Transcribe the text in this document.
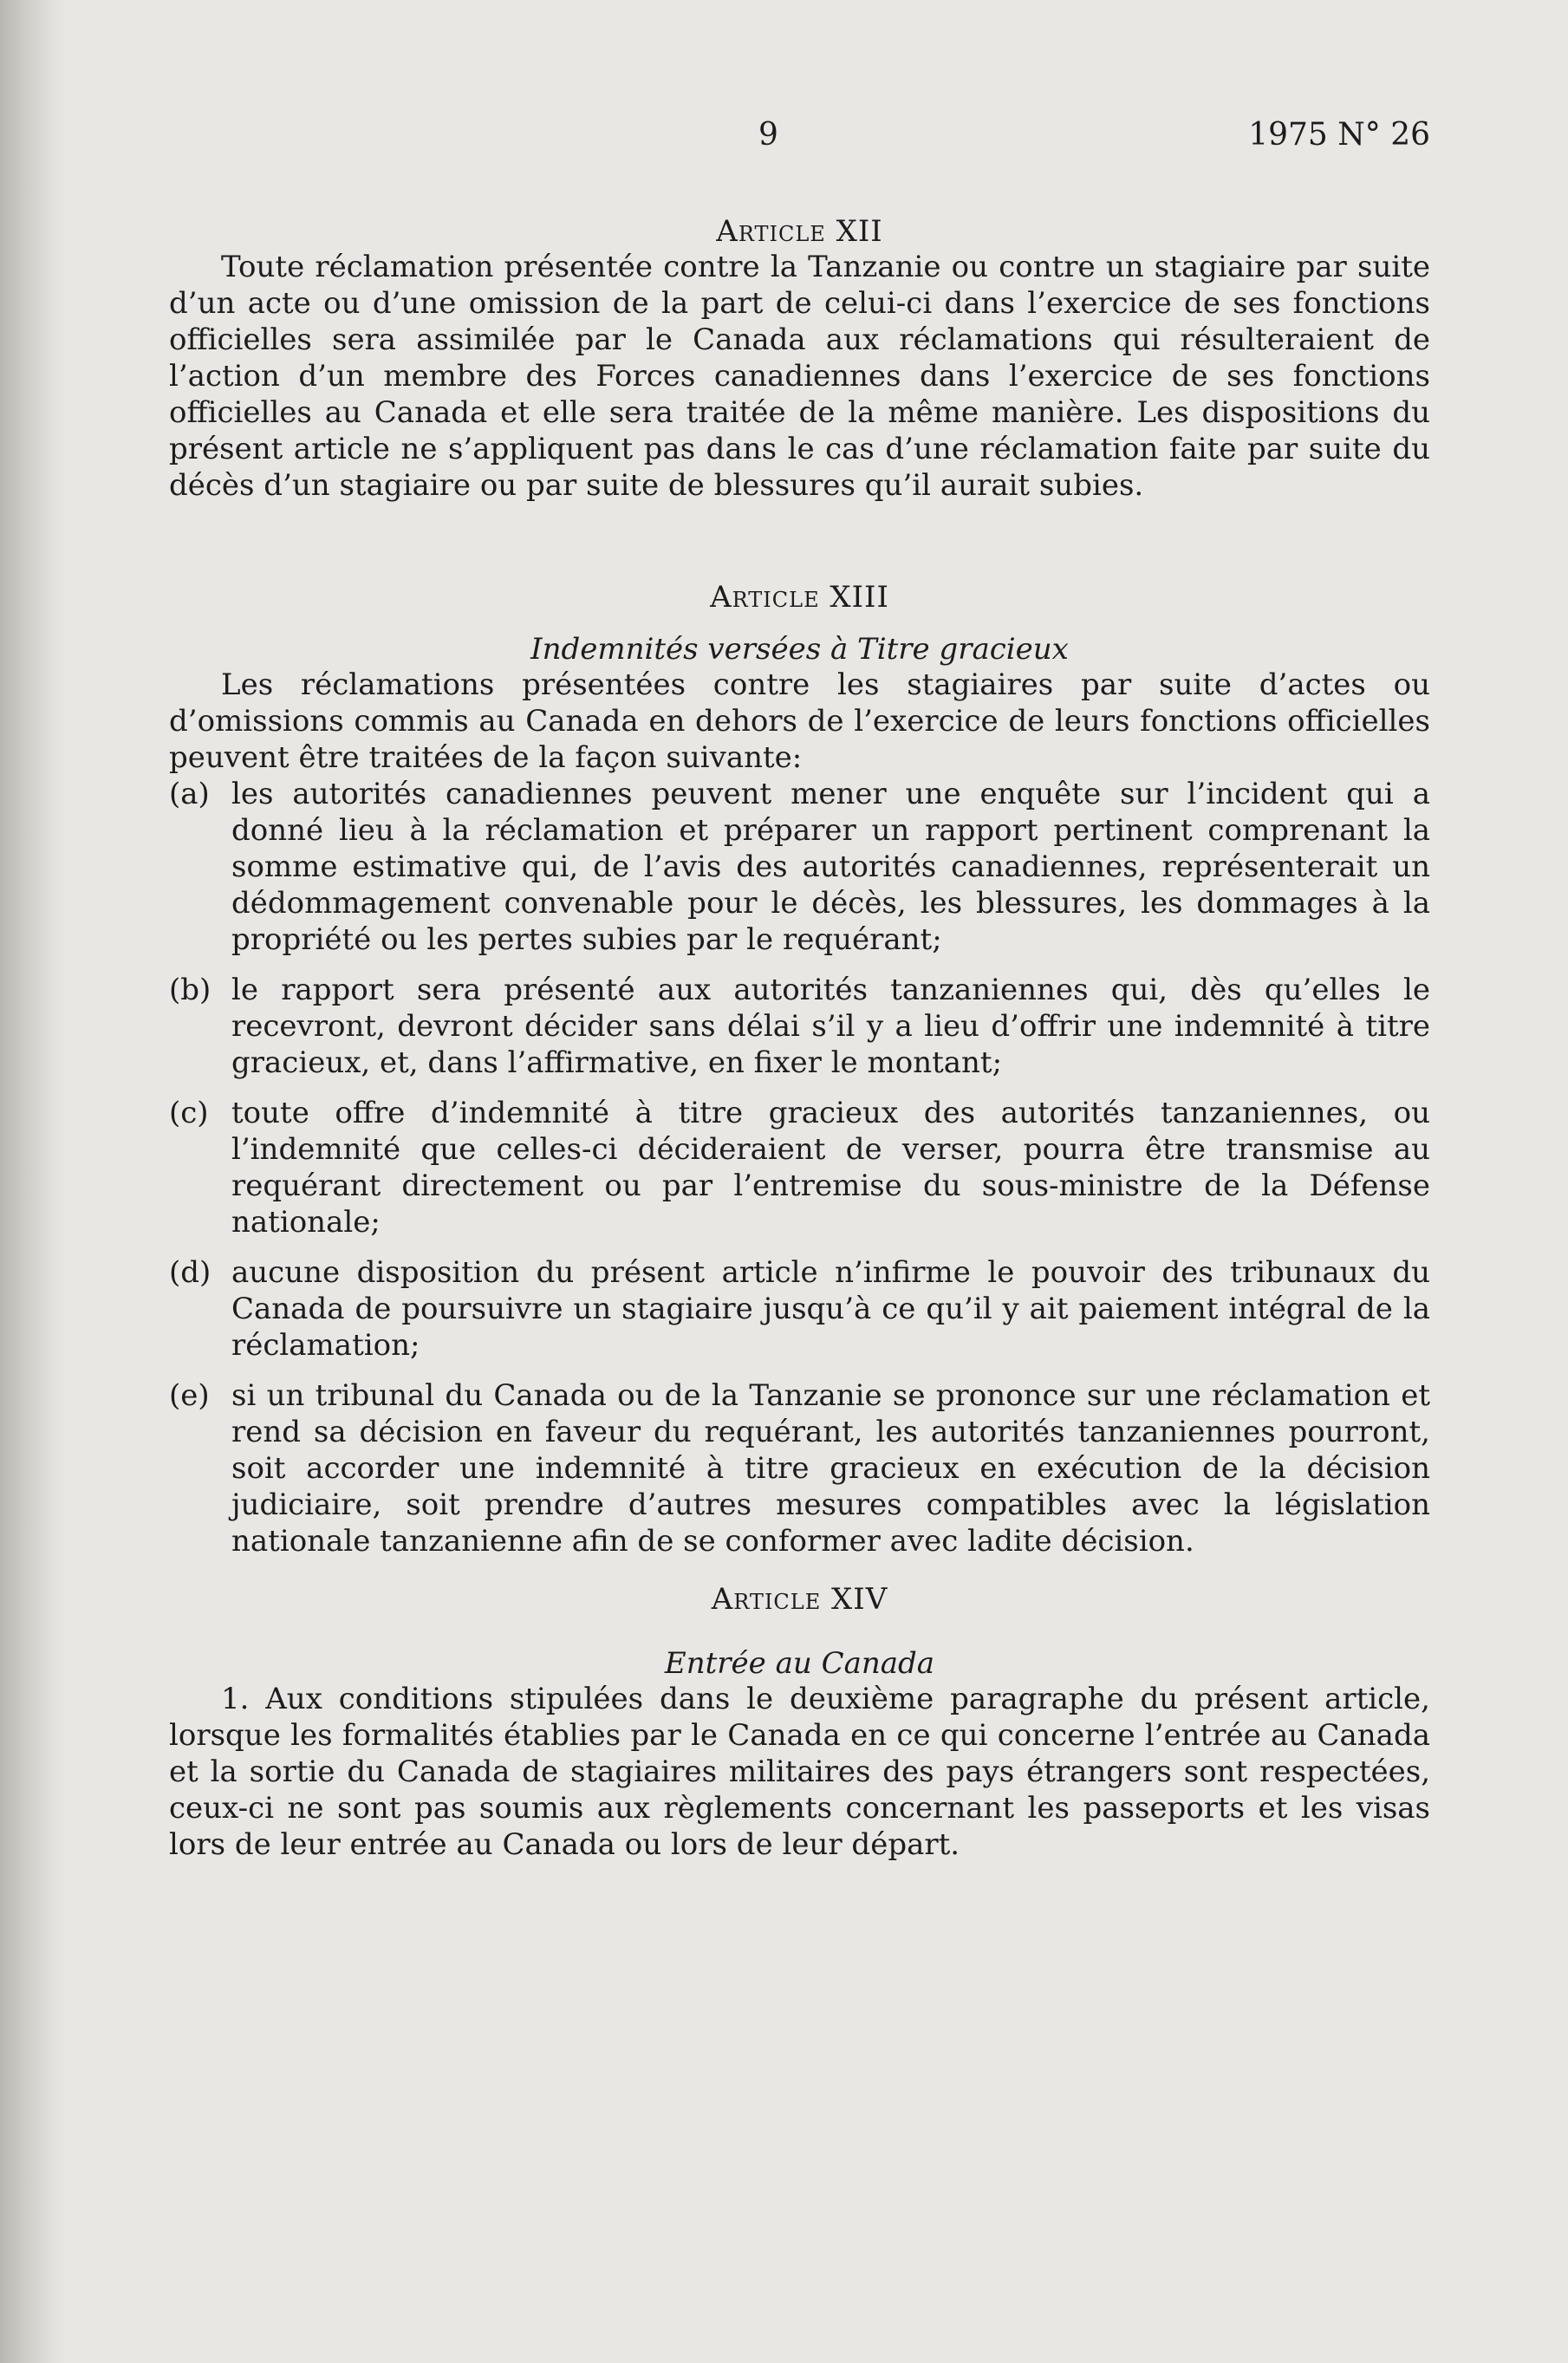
9	1975 N° 26
Article XII

Toute réclamation présentée contre la Tanzanie ou contre un stagiaire par suite d’un acte ou d’une omission de la part de celui-ci dans l’exercice de ses fonctions officielles sera assimilée par le Canada aux réclamations qui résulteraient de l’action d’un membre des Forces canadiennes dans l’exercice de ses fonctions officielles au Canada et elle sera traitée de la même manière. Les dispositions du présent article ne s’appliquent pas dans le cas d’une réclamation faite par suite du décès d’un stagiaire ou par suite de blessures qu’il aurait subies.

Article XIII
Indemnités versées à Titre gracieux

Les réclamations présentées contre les stagiaires par suite d’actes ou d’omissions commis au Canada en dehors de l’exercice de leurs fonctions officielles peuvent être traitées de la façon suivante:

(a) les autorités canadiennes peuvent mener une enquête sur l’incident qui a donné lieu à la réclamation et préparer un rapport pertinent comprenant la somme estimative qui, de l’avis des autorités canadiennes, représenterait un dédommagement convenable pour le décès, les blessures, les dommages à la propriété ou les pertes subies par le requérant;
(b) le rapport sera présenté aux autorités tanzaniennes qui, dès qu’elles le recevront, devront décider sans délai s’il y a lieu d’offrir une indemnité à titre gracieux, et, dans l’affirmative, en fixer le montant;
(c) toute offre d’indemnité à titre gracieux des autorités tanzaniennes, ou l’indemnité que celles-ci décideraient de verser, pourra être transmise au requérant directement ou par l’entremise du sous-ministre de la Défense nationale;
(d) aucune disposition du présent article n’infirme le pouvoir des tribunaux du Canada de poursuivre un stagiaire jusqu’à ce qu’il y ait paiement intégral de la réclamation;
(e) si un tribunal du Canada ou de la Tanzanie se prononce sur une réclamation et rend sa décision en faveur du requérant, les autorités tanzaniennes pourront, soit accorder une indemnité à titre gracieux en exécution de la décision judiciaire, soit prendre d’autres mesures compatibles avec la législation nationale tanzanienne afin de se conformer avec ladite décision.
Article XIV
Entrée au Canada

1. Aux conditions stipulées dans le deuxième paragraphe du présent article, lorsque les formalités établies par le Canada en ce qui concerne l’entrée au Canada et la sortie du Canada de stagiaires militaires des pays étrangers sont respectées, ceux-ci ne sont pas soumis aux règlements concernant les passeports et les visas lors de leur entrée au Canada ou lors de leur départ.
